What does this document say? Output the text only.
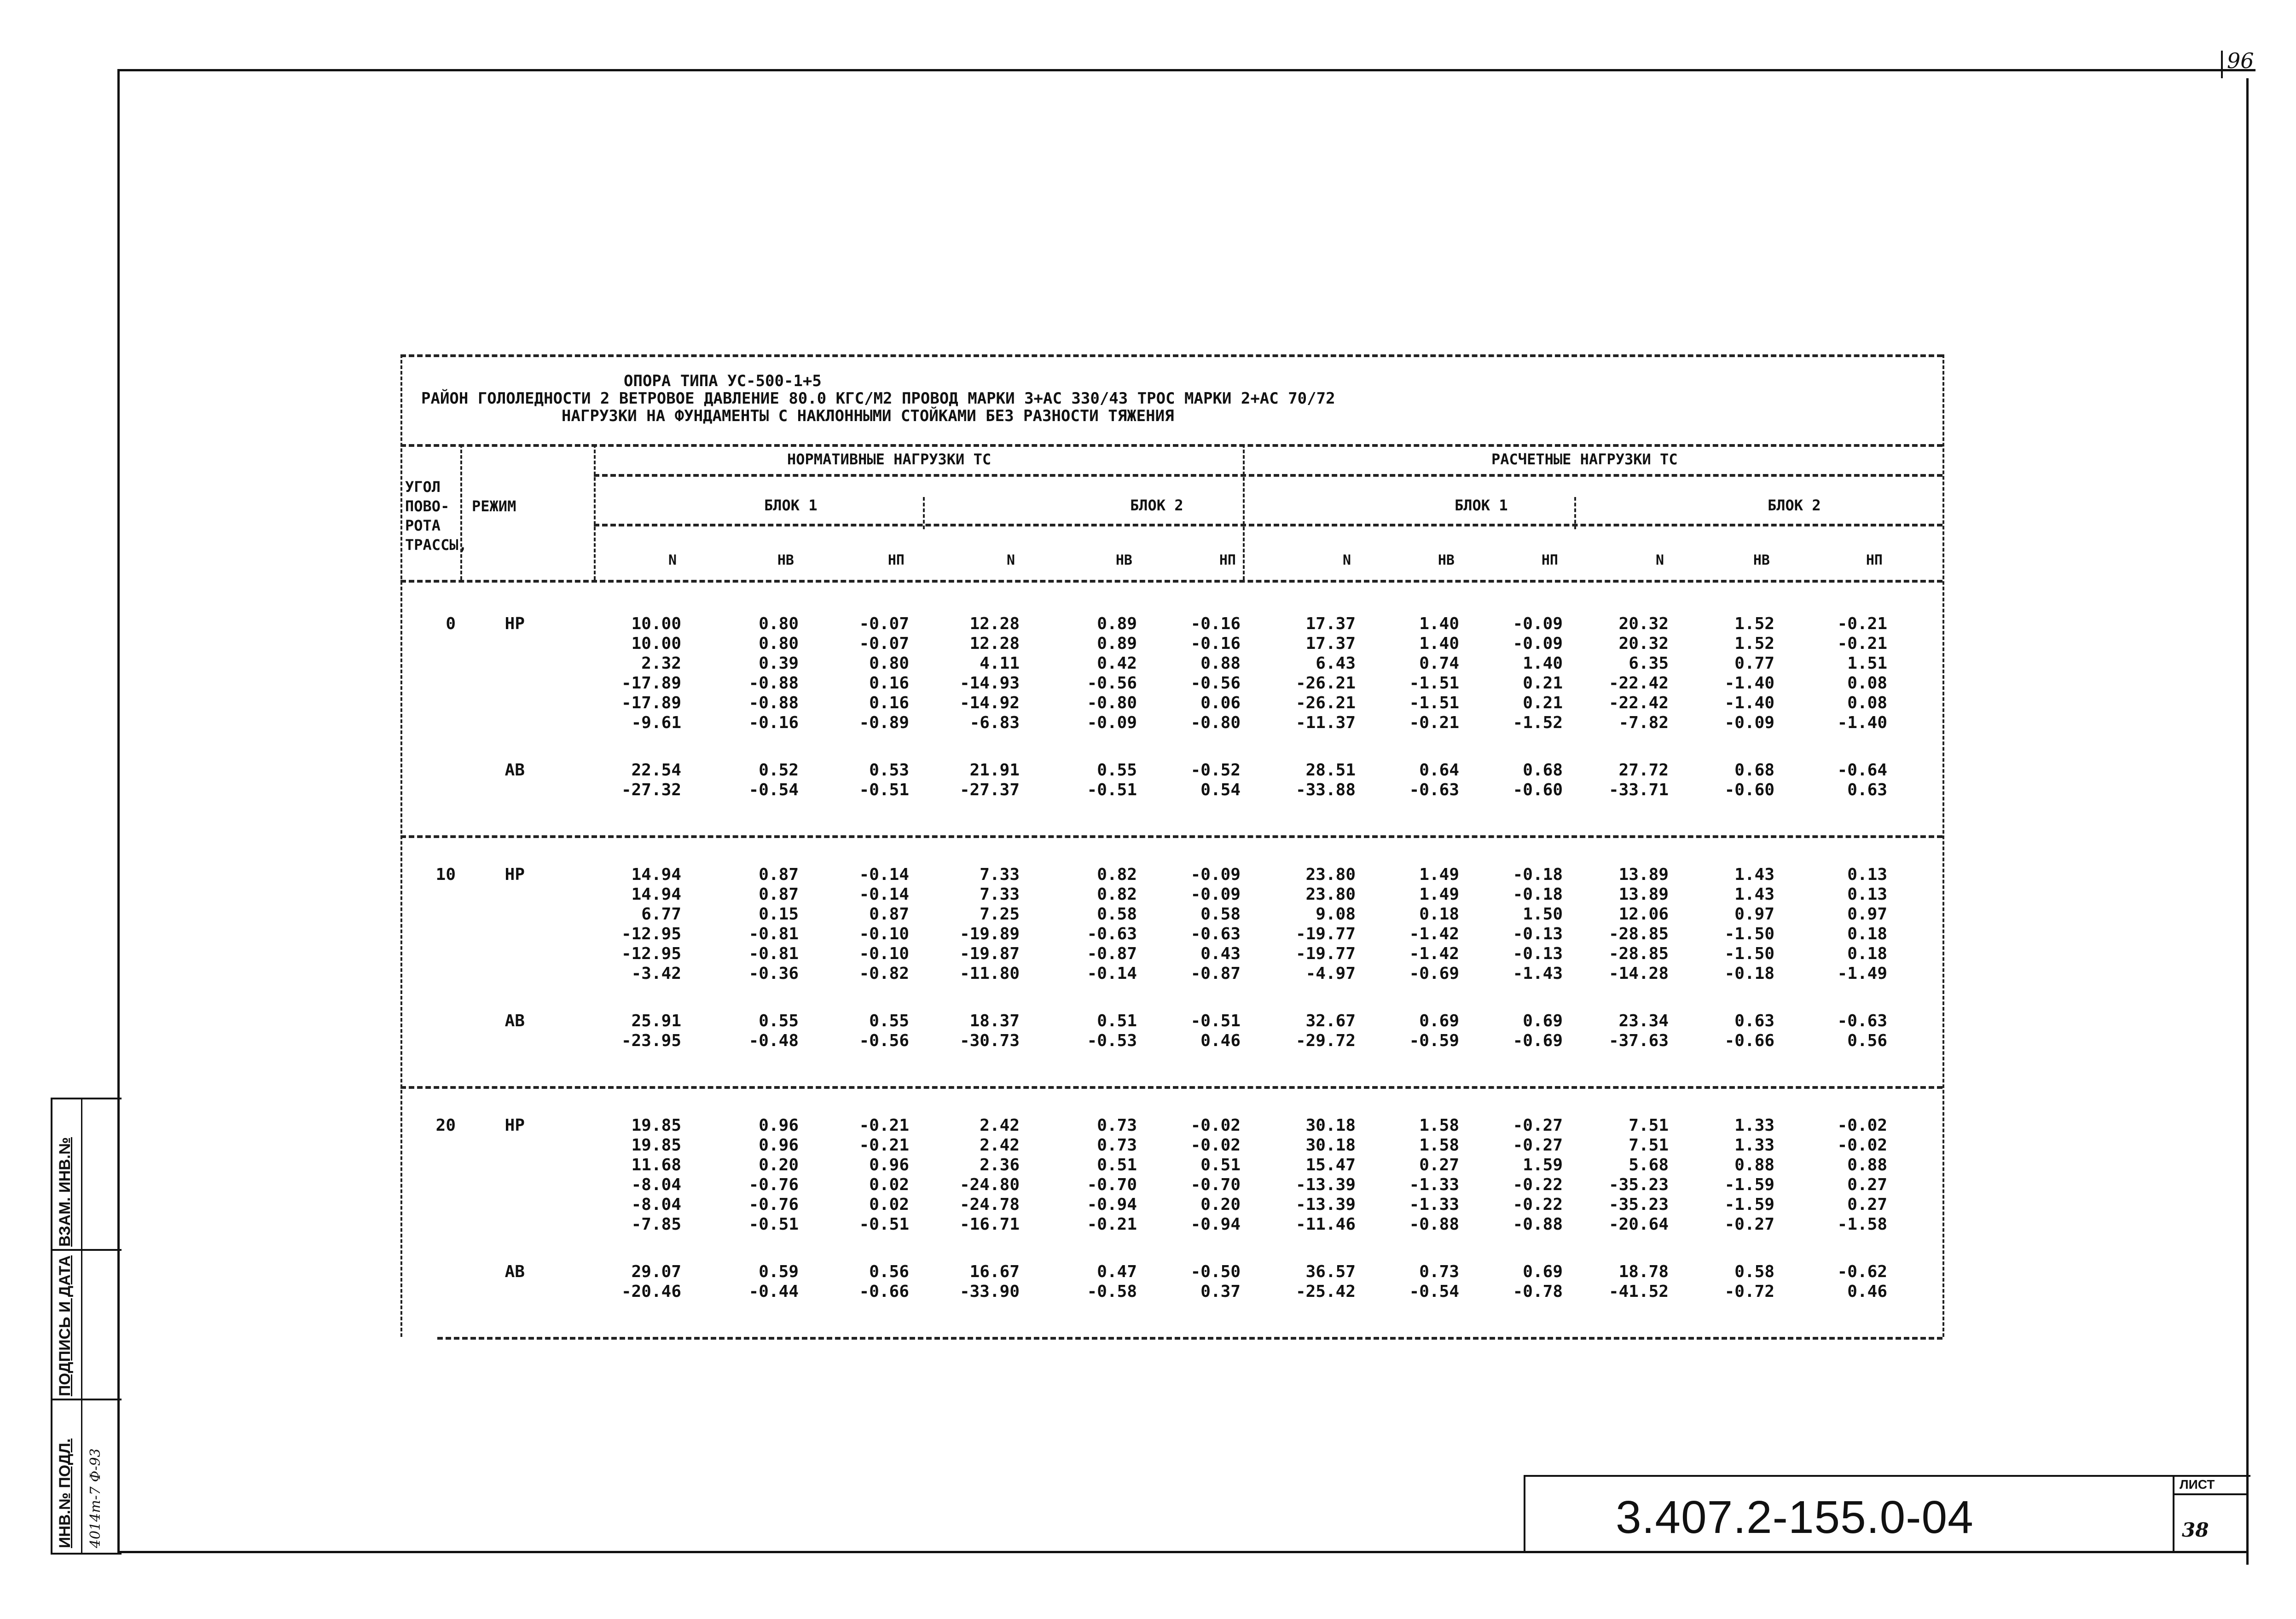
96
ВЗАМ. ИНВ.№
ПОДПИСЬ И ДАТА
ИНВ.№ ПОДЛ. 4014m-7 Ф-93	3.407.2-155.0-04
ЛИСТ
38
ОПОРА ТИПА УС-500-1+5
РАЙОН ГОЛОЛЕДНОСТИ 2 ВЕТРОВОЕ ДАВЛЕНИЕ 80.0 КГС/М2 ПРОВОД МАРКИ 3+АС 330/43 ТРОС МАРКИ 2+АС 70/72
НАГРУЗКИ НА ФУНДАМЕНТЫ С НАКЛОННЫМИ СТОЙКАМИ БЕЗ РАЗНОСТИ ТЯЖЕНИЯ
УГОЛ
ПОВО-
РОТА
ТРАССЫ,
РЕЖИМ
НОРМАТИВНЫЕ НАГРУЗКИ ТС	РАСЧЕТНЫЕ НАГРУЗКИ ТС
БЛОК 1	БЛОК 2	БЛОК 1	БЛОК 2
N	НВ	НП	N	НВ	НП	N	НВ	НП	N	НВ	НП
0	НР	10.00	0.80	-0.07	12.28	0.89	-0.16	17.37	1.40	-0.09	20.32	1.52	-0.21
10.00	0.80	-0.07	12.28	0.89	-0.16	17.37	1.40	-0.09	20.32	1.52	-0.21
2.32	0.39	0.80	4.11	0.42	0.88	6.43	0.74	1.40	6.35	0.77	1.51
-17.89	-0.88	0.16	-14.93	-0.56	-0.56	-26.21	-1.51	0.21	-22.42	-1.40	0.08
-17.89	-0.88	0.16	-14.92	-0.80	0.06	-26.21	-1.51	0.21	-22.42	-1.40	0.08
-9.61	-0.16	-0.89	-6.83	-0.09	-0.80	-11.37	-0.21	-1.52	-7.82	-0.09	-1.40
АВ	22.54	0.52	0.53	21.91	0.55	-0.52	28.51	0.64	0.68	27.72	0.68	-0.64
-27.32	-0.54	-0.51	-27.37	-0.51	0.54	-33.88	-0.63	-0.60	-33.71	-0.60	0.63
10	НР	14.94	0.87	-0.14	7.33	0.82	-0.09	23.80	1.49	-0.18	13.89	1.43	0.13
14.94	0.87	-0.14	7.33	0.82	-0.09	23.80	1.49	-0.18	13.89	1.43	0.13
6.77	0.15	0.87	7.25	0.58	0.58	9.08	0.18	1.50	12.06	0.97	0.97
-12.95	-0.81	-0.10	-19.89	-0.63	-0.63	-19.77	-1.42	-0.13	-28.85	-1.50	0.18
-12.95	-0.81	-0.10	-19.87	-0.87	0.43	-19.77	-1.42	-0.13	-28.85	-1.50	0.18
-3.42	-0.36	-0.82	-11.80	-0.14	-0.87	-4.97	-0.69	-1.43	-14.28	-0.18	-1.49
АВ	25.91	0.55	0.55	18.37	0.51	-0.51	32.67	0.69	0.69	23.34	0.63	-0.63
-23.95	-0.48	-0.56	-30.73	-0.53	0.46	-29.72	-0.59	-0.69	-37.63	-0.66	0.56
20	НР	19.85	0.96	-0.21	2.42	0.73	-0.02	30.18	1.58	-0.27	7.51	1.33	-0.02
19.85	0.96	-0.21	2.42	0.73	-0.02	30.18	1.58	-0.27	7.51	1.33	-0.02
11.68	0.20	0.96	2.36	0.51	0.51	15.47	0.27	1.59	5.68	0.88	0.88
-8.04	-0.76	0.02	-24.80	-0.70	-0.70	-13.39	-1.33	-0.22	-35.23	-1.59	0.27
-8.04	-0.76	0.02	-24.78	-0.94	0.20	-13.39	-1.33	-0.22	-35.23	-1.59	0.27
-7.85	-0.51	-0.51	-16.71	-0.21	-0.94	-11.46	-0.88	-0.88	-20.64	-0.27	-1.58
АВ	29.07	0.59	0.56	16.67	0.47	-0.50	36.57	0.73	0.69	18.78	0.58	-0.62
-20.46	-0.44	-0.66	-33.90	-0.58	0.37	-25.42	-0.54	-0.78	-41.52	-0.72	0.46
